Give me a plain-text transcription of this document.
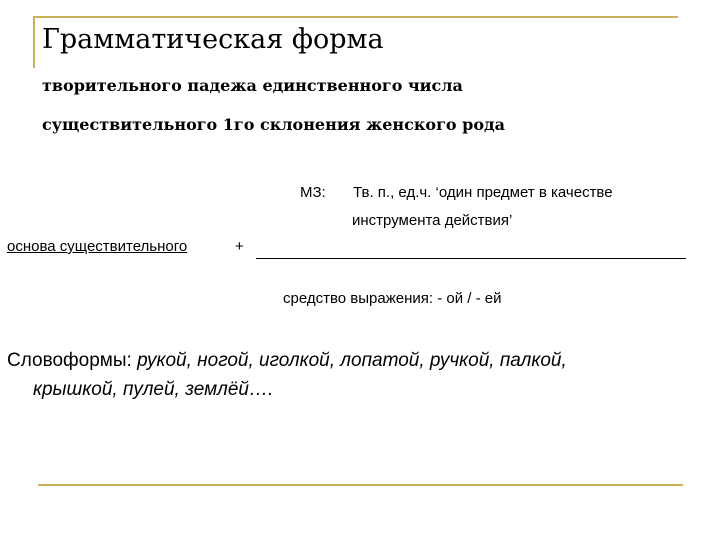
Грамматическая форма
творительного падежа единственного числа
существительного 1го склонения женского рода
МЗ: Тв. п., ед.ч. ‘один предмет в качестве
инструмента действия’
основа существительного	+
средство выражения: - ой / - ей
Словоформы: рукой, ногой, иголкой, лопатой, ручкой, палкой,
крышкой, пулей, землёй….
